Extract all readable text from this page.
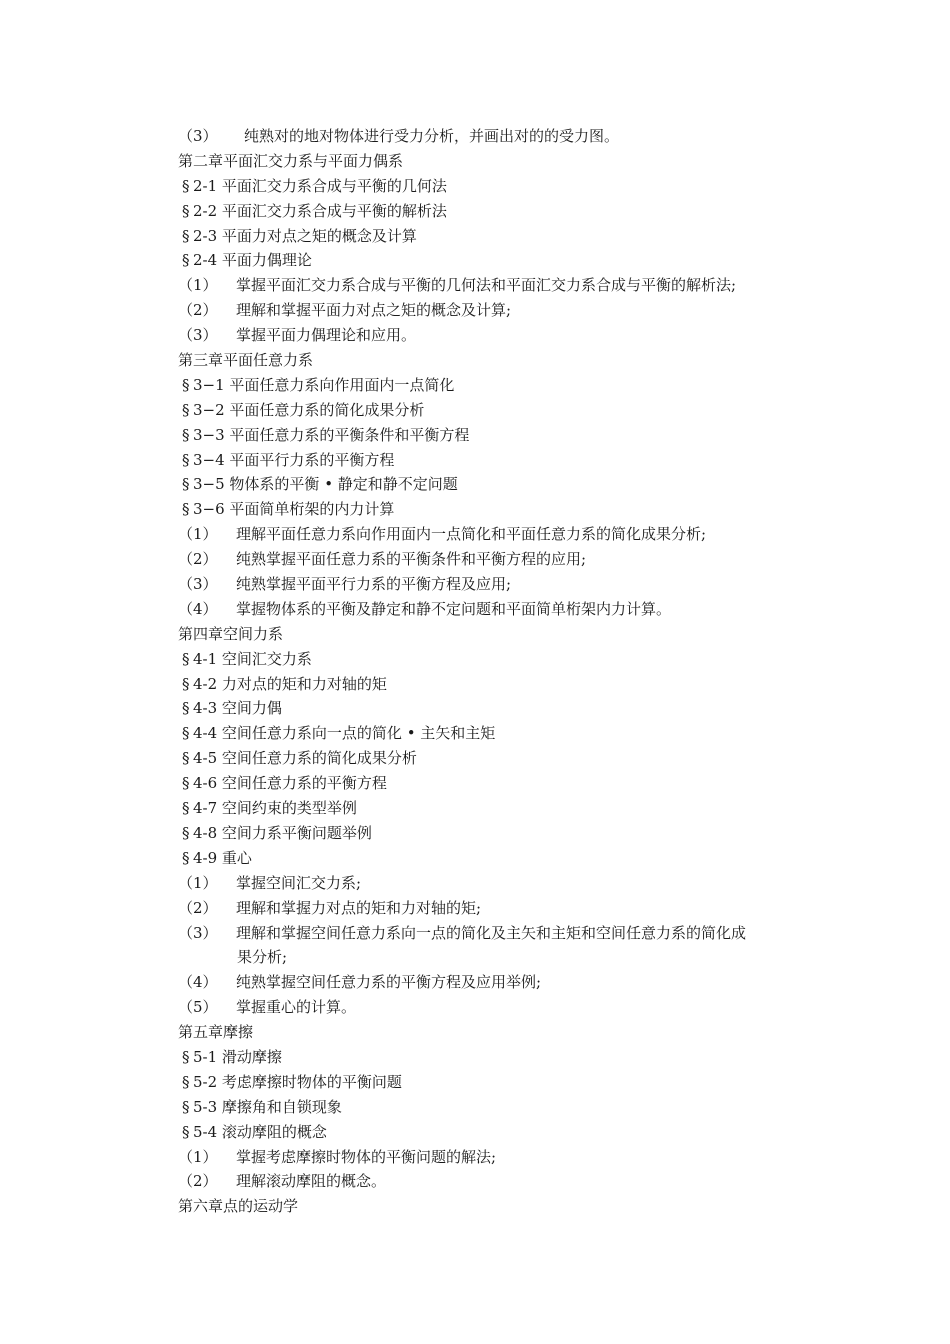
（3） 纯熟对的地对物体进行受力分析，并画出对的的受力图。
第二章平面汇交力系与平面力偶系
§ 2-1 平面汇交力系合成与平衡的几何法
§ 2-2 平面汇交力系合成与平衡的解析法
§ 2-3 平面力对点之矩的概念及计算
§ 2-4 平面力偶理论
（1） 掌握平面汇交力系合成与平衡的几何法和平面汇交力系合成与平衡的解析法;
（2） 理解和掌握平面力对点之矩的概念及计算;
（3） 掌握平面力偶理论和应用。
第三章平面任意力系
§ 3−1 平面任意力系向作用面内一点简化
§ 3−2 平面任意力系的简化成果分析
§ 3−3 平面任意力系的平衡条件和平衡方程
§ 3−4 平面平行力系的平衡方程
§ 3−5 物体系的平衡 • 静定和静不定问题
§ 3−6 平面简单桁架的内力计算
（1） 理解平面任意力系向作用面内一点简化和平面任意力系的简化成果分析;
（2） 纯熟掌握平面任意力系的平衡条件和平衡方程的应用;
（3） 纯熟掌握平面平行力系的平衡方程及应用;
（4） 掌握物体系的平衡及静定和静不定问题和平面简单桁架内力计算。
第四章空间力系
§ 4-1 空间汇交力系
§ 4-2 力对点的矩和力对轴的矩
§ 4-3 空间力偶
§ 4-4 空间任意力系向一点的简化 • 主矢和主矩
§ 4-5 空间任意力系的简化成果分析
§ 4-6 空间任意力系的平衡方程
§ 4-7 空间约束的类型举例
§ 4-8 空间力系平衡问题举例
§ 4-9 重心
（1） 掌握空间汇交力系;
（2） 理解和掌握力对点的矩和力对轴的矩;
（3） 理解和掌握空间任意力系向一点的简化及主矢和主矩和空间任意力系的简化成
果分析;
（4） 纯熟掌握空间任意力系的平衡方程及应用举例;
（5） 掌握重心的计算。
第五章摩擦
§ 5-1 滑动摩擦
§ 5-2 考虑摩擦时物体的平衡问题
§ 5-3 摩擦角和自锁现象
§ 5-4 滚动摩阻的概念
（1） 掌握考虑摩擦时物体的平衡问题的解法;
（2） 理解滚动摩阻的概念。
第六章点的运动学
